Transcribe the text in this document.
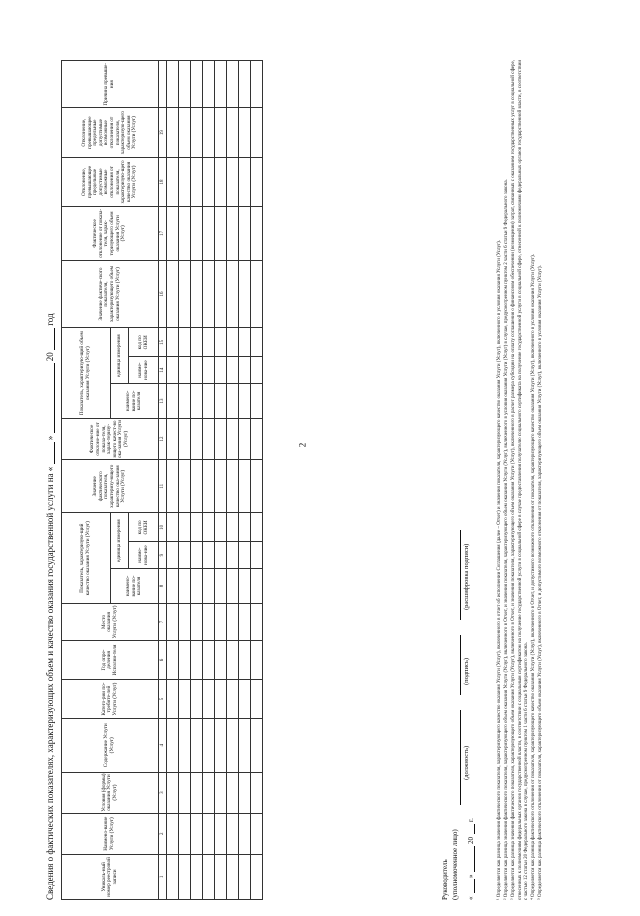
2
Сведения о фактических показателях, характеризующих объем и качество оказания государственной услуги на «  »  20  год
Уникаль-ный номер реестровой записи	Наимено-вание Услуги (Услуг)	Условия (формы) оказания Услуги (Услуг)	Содержание Услуги (Услуг)	Катего-рии по-требите-лей Услуги (Услуг)	Год опре-деления Исполни-теля	Место оказания Услуги (Услуг)	Показатель, характеризую-щий качество оказания Услуги (Услуг)			Значение фактического показателя, характеризу-ющего качество ока-зания Услуги (Услуг)	Фактическое отклоне-ние от показа-теля, харак-теризу-ющего качест-во ока-зания Услуги (Услуг)	Показатель, характеризую-щий объем оказания Услуги (Услуг)			Значение фактиче-ского показателя, характеризующего объем оказания Услуги (Услуг)	Фактическое отклонение от показа-теля, харак-теризующего объем оказания Услуги (Услуг)	Отклонение, превышающее предельные допустимые возможные отклонения от показателя, характеризую-щего качество оказания Услуги (Услуг)	Отклонение, превышающее предельные допустимые возможные отклонения от показателя, характеризую-щего объем оказания Услуги (Услуг)	Причина превыше-ния
							наимено-вание по-казателя	единица измерения				наимено-вание по-казателя	единица измерения						
								наиме-нова-ние	код по ОКЕИ				наиме-нова-ние	код по ОКЕИ					
1	2	3	4	5	6	7	8	9	10	11	12	13	14	15	16	17	18	19	

Руководитель (уполномоченное лицо)
(должность)
(подпись)
(расшифровка подписи)
«
»
20
г.	¹ Определяется как разница значения фактического показателя, характеризующего качество оказания Услуги (Услуг), включенного в отчет об исполнении Соглашения (далее – Отчет) и значения показателя, характеризующего качество оказания Услуги (Услуг), включенного в условия оказания Услуги (Услуг). ² Определяется как разница значения фактического показателя, характеризующего объем оказания Услуги (Услуг), включенного в Отчет, и значения показателя, характеризующего объем оказания Услуги (Услуг), включенного в условия оказания Услуги (Услуг) в случае, предусмотренном пунктом 2 части 6 статьи 9 Федерального закона. ³ Определяется как разница значения фактического показателя, характеризующего объем оказания Услуги (Услуг), включенного в Отчет, и значения показателя, характеризующего объем оказания Услуги (Услуг), включенного в расчет размера субсидии на оплату соглашения о финансовом обеспечении (возмещении) затрат, связанных с оказанием государственных услуг в социальной сфере, отнесенных к полномочиям федеральных органов государственной власти, в соответствии с социальным сертификатом на получение государственной услуги в социальной сфере в случае предоставления получателю социального сертификата на получение государственной услуги в социальной сфере, отнесенной к полномочиям федеральных органов государственной власти, в соответствии с частью 12 статьи 20 Федерального закона в случае, предусмотренном пунктом 1 части 6 статьи 9 Федерального закона. ⁴ Определяется как разница фактического отклонения от показателя, характеризующего качество оказания Услуги (Услуг), включенного в Отчет, и допустимого возможного отклонения от показателя, характеризующего качество оказания Услуги (Услуг), включенного в условия оказания Услуги (Услуг). ⁵ Определяется как разница фактического отклонения от показателя, характеризующего объем оказания Услуги (Услуг), включенного в Отчет, и допустимого возможного отклонения от показателя, характеризующего объем оказания Услуги (Услуг), включенного в условия оказания Услуги (Услуг).
